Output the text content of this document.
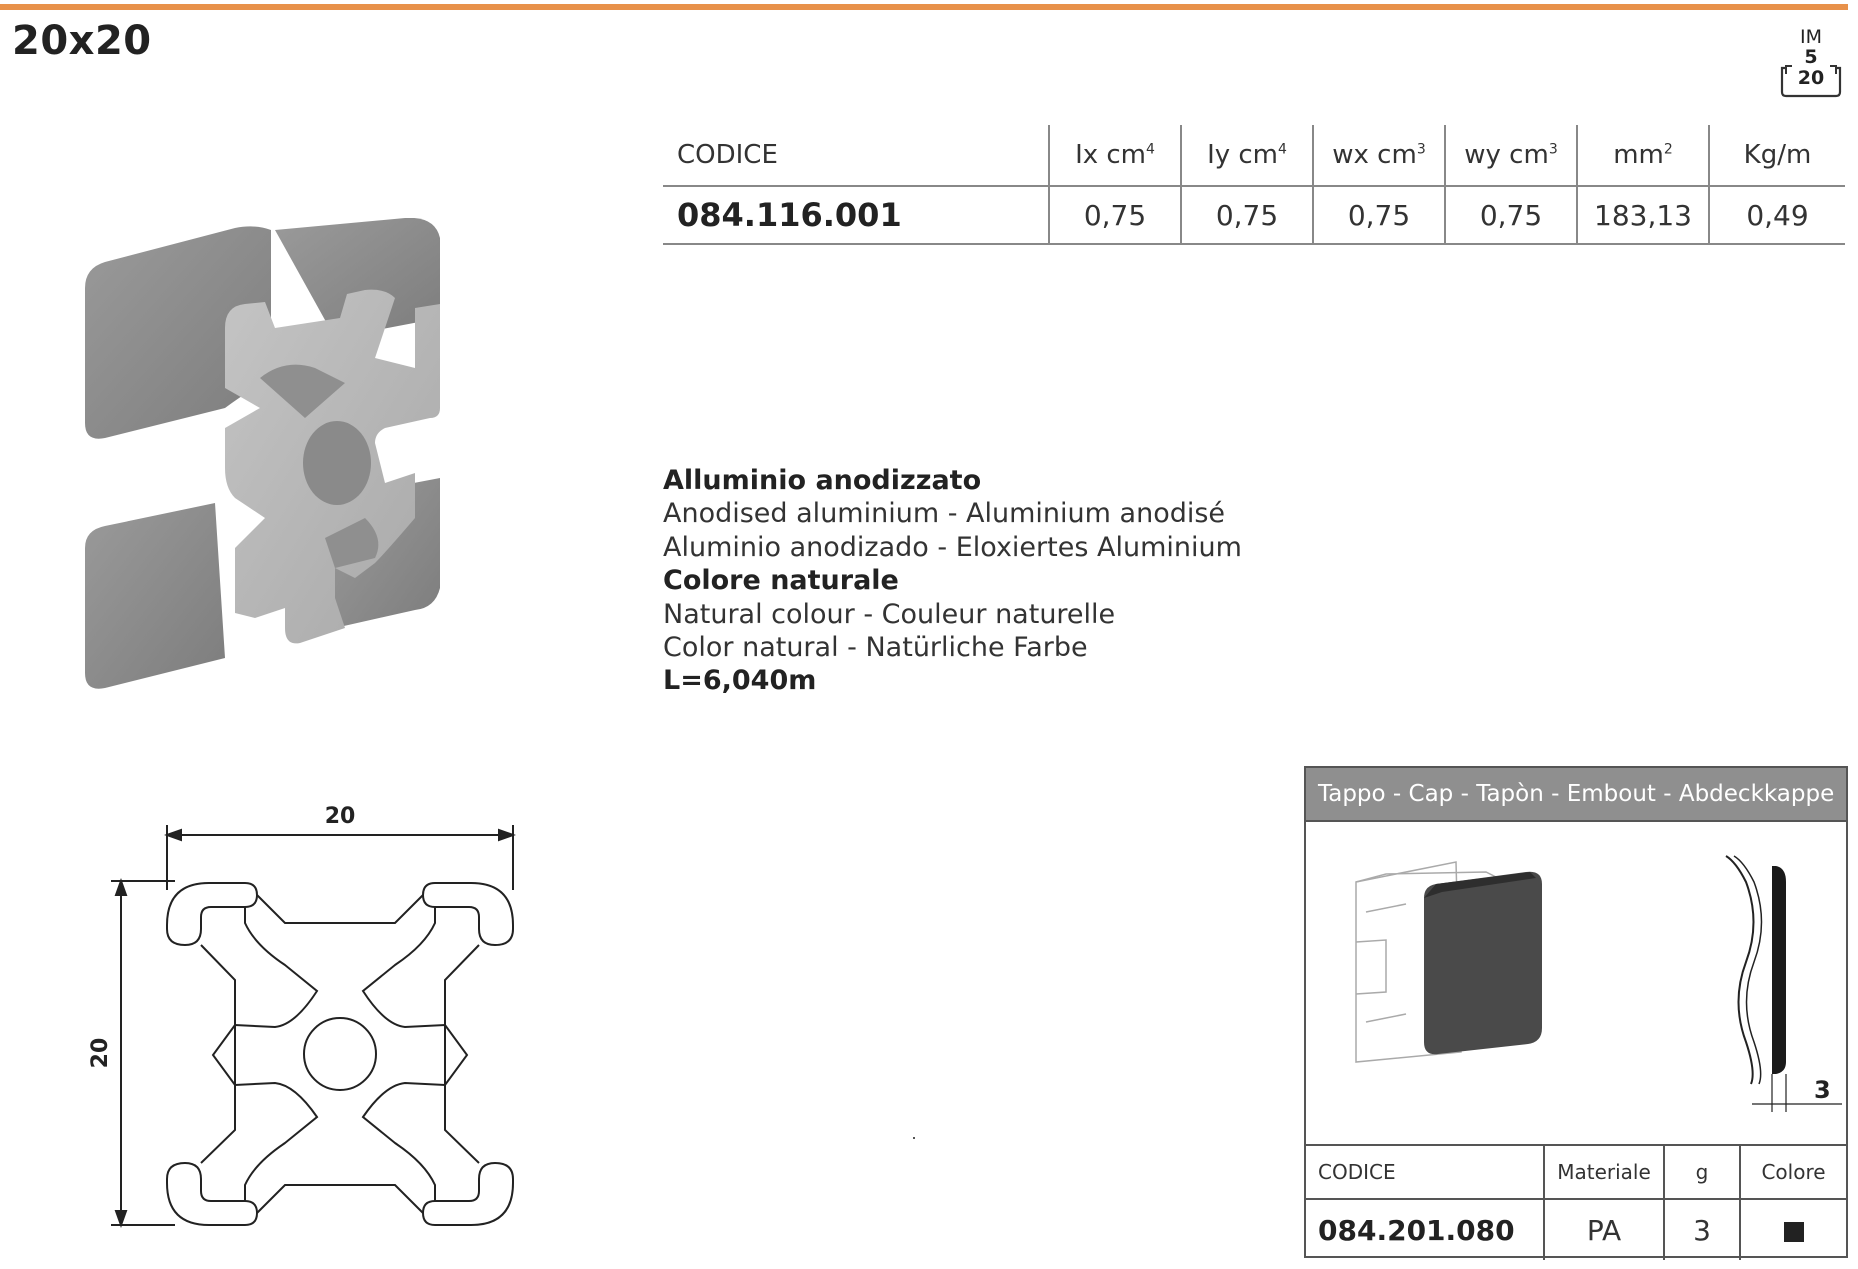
20x20	IM
5
20
CODICE	Ix $cm^4$	Iy $cm^4$	wx $cm^3$	wy $cm^3$	$mm^2$	Kg/m
084.116.001	0,75	0,75	0,75	0,75	183,13	0,49
Alluminio anodizzato
Anodised aluminium - Aluminium anodisé
Aluminio anodizado - Eloxiertes Aluminium
Colore naturale
Natural colour - Couleur naturelle
Color natural - Natürliche Farbe
L=6,040m
20
20
Tappo - Cap - Tapòn - Embout - Abdeckkappe
3
CODICE	Materiale	g	Colore
084.201.080	PA	3	
